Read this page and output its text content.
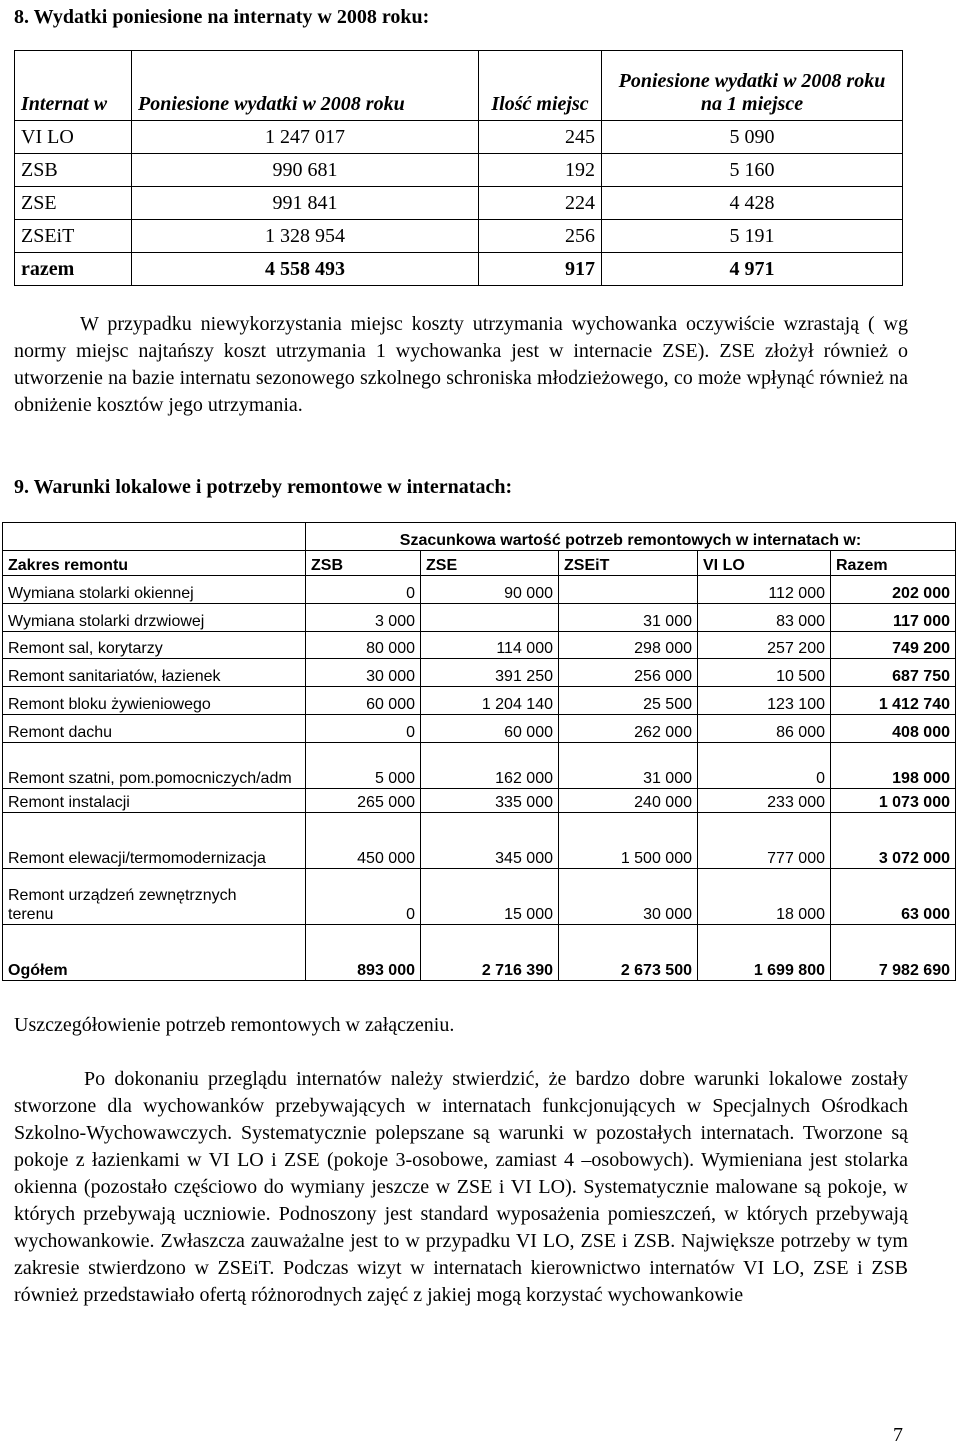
8. Wydatki poniesione na internaty w 2008 roku:
Internat w	Poniesione wydatki w 2008 roku	Ilość miejsc	Poniesione wydatki w 2008 roku na 1 miejsce
VI LO	1 247 017	245	5 090
ZSB	990 681	192	5 160
ZSE	991 841	224	4 428
ZSEiT	1 328 954	256	5 191
razem	4 558 493	917	4 971
W przypadku niewykorzystania miejsc koszty utrzymania wychowanka oczywiście wzrastają ( wg normy miejsc najtańszy koszt utrzymania 1 wychowanka jest w internacie ZSE). ZSE złożył również o utworzenie na bazie internatu sezonowego szkolnego schroniska młodzieżowego, co może wpłynąć również na obniżenie kosztów jego utrzymania.
9. Warunki lokalowe i potrzeby remontowe w internatach:
	Szacunkowa wartość potrzeb remontowych w internatach w:				
Zakres remontu	ZSB	ZSE	ZSEiT	VI LO	Razem
Wymiana stolarki okiennej	0	90 000		112 000	202 000
Wymiana stolarki drzwiowej	3 000		31 000	83 000	117 000
Remont sal, korytarzy	80 000	114 000	298 000	257 200	749 200
Remont sanitariatów, łazienek	30 000	391 250	256 000	10 500	687 750
Remont bloku żywieniowego	60 000	1 204 140	25 500	123 100	1 412 740
Remont dachu	0	60 000	262 000	86 000	408 000
Remont szatni, pom.pomocniczych/adm	5 000	162 000	31 000	0	198 000
Remont instalacji	265 000	335 000	240 000	233 000	1 073 000
Remont elewacji/termomodernizacja	450 000	345 000	1 500 000	777 000	3 072 000
Remont urządzeń zewnętrznych terenu	0	15 000	30 000	18 000	63 000
Ogółem	893 000	2 716 390	2 673 500	1 699 800	7 982 690
Uszczegółowienie potrzeb remontowych w załączeniu.
Po dokonaniu przeglądu internatów należy stwierdzić, że bardzo dobre warunki lokalowe zostały stworzone dla wychowanków przebywających w internatach funkcjonujących w Specjalnych Ośrodkach Szkolno-Wychowawczych. Systematycznie polepszane są warunki w pozostałych internatach. Tworzone są pokoje z łazienkami w VI LO i ZSE (pokoje 3-osobowe, zamiast 4 –osobowych). Wymieniana jest stolarka okienna (pozostało częściowo do wymiany jeszcze w ZSE i VI LO). Systematycznie malowane są pokoje, w których przebywają uczniowie. Podnoszony jest standard wyposażenia pomieszczeń, w których przebywają wychowankowie. Zwłaszcza zauważalne jest to w przypadku VI LO, ZSE i ZSB. Największe potrzeby w tym zakresie stwierdzono w ZSEiT. Podczas wizyt w internatach kierownictwo internatów VI LO, ZSE i ZSB również przedstawiało ofertą różnorodnych zajęć z jakiej mogą korzystać wychowankowie
7
